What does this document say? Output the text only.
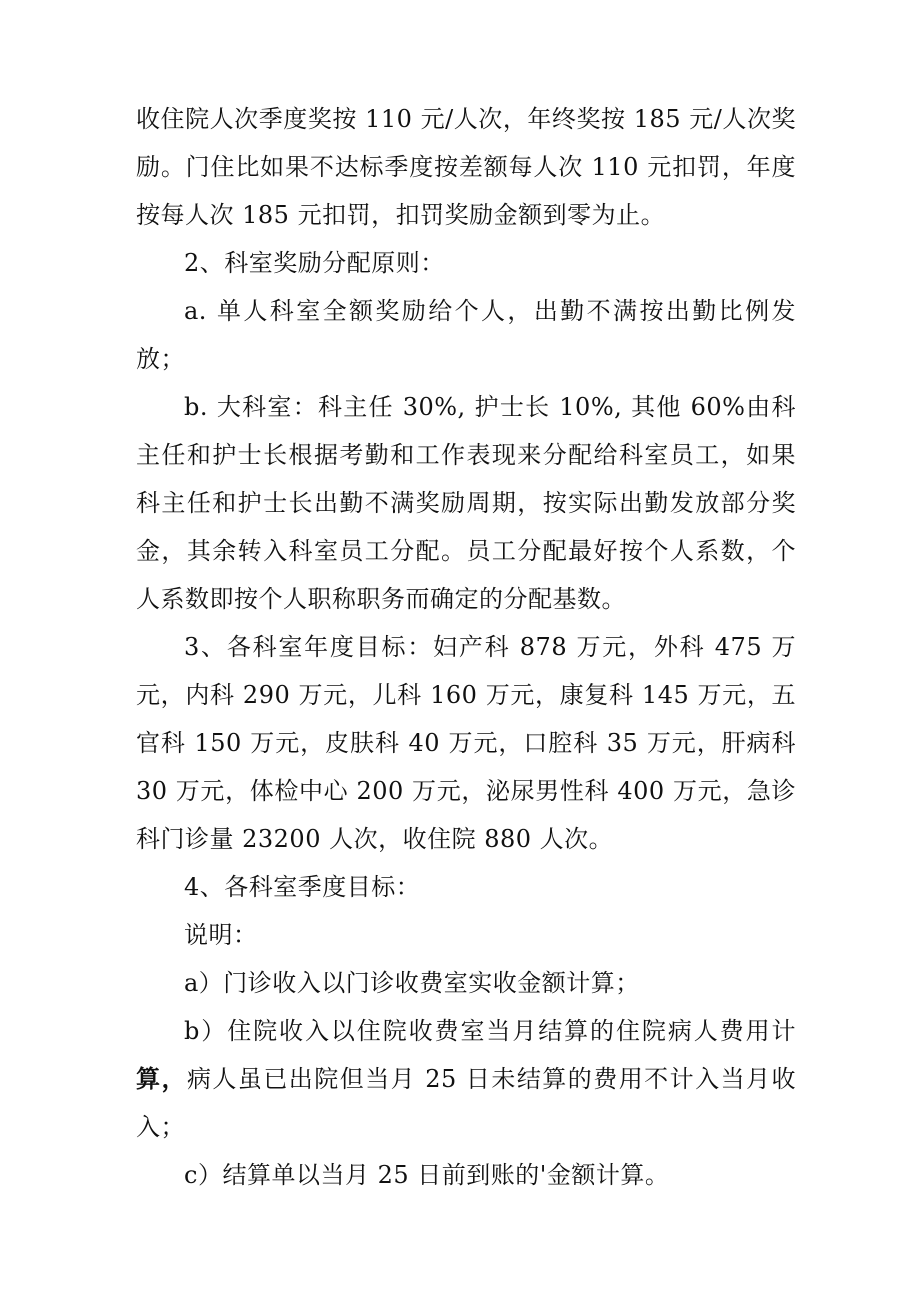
收住院人次季度奖按 110 元/人次，年终奖按 185 元/人次奖励。门住比如果不达标季度按差额每人次 110 元扣罚，年度按每人次 185 元扣罚，扣罚奖励金额到零为止。

2、科室奖励分配原则：

a. 单人科室全额奖励给个人，出勤不满按出勤比例发放；

b. 大科室：科主任 30%, 护士长 10%, 其他 60%由科主任和护士长根据考勤和工作表现来分配给科室员工，如果科主任和护士长出勤不满奖励周期，按实际出勤发放部分奖金，其余转入科室员工分配。员工分配最好按个人系数，个人系数即按个人职称职务而确定的分配基数。

3、各科室年度目标：妇产科 878 万元，外科 475 万元，内科 290 万元，儿科 160 万元，康复科 145 万元，五官科 150 万元，皮肤科 40 万元，口腔科 35 万元，肝病科 30 万元，体检中心 200 万元，泌尿男性科 400 万元，急诊科门诊量 23200 人次，收住院 880 人次。

4、各科室季度目标：

说明：

a）门诊收入以门诊收费室实收金额计算；

b）住院收入以住院收费室当月结算的住院病人费用计算，病人虽已出院但当月 25 日未结算的费用不计入当月收入；

c）结算单以当月 25 日前到账的'金额计算。
